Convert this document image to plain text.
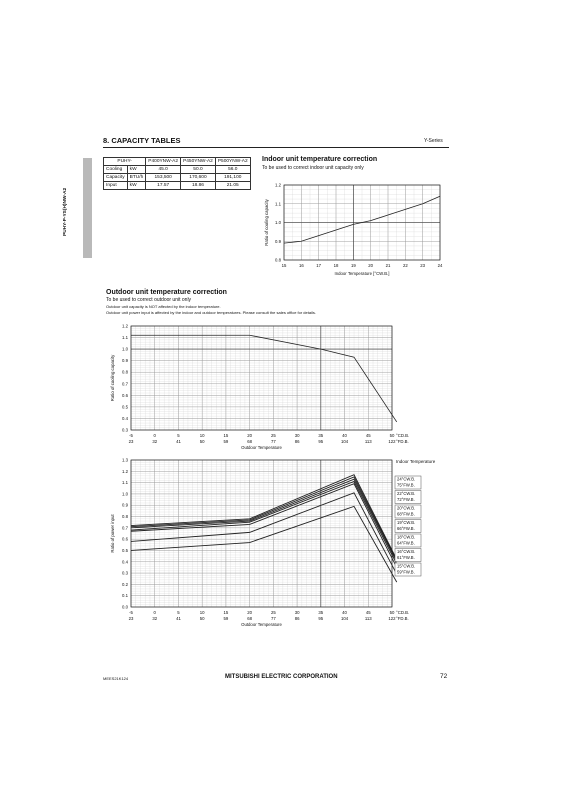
8. CAPACITY TABLES	Y-Series
PUHY-P-YS(H)NW-A2
PUHY-		P400YNW-A2	P450YNW-A2	P500YNW-A2
Cooling	kW	45.0	50.0	56.0
Capacity	BTU/h	153,500	170,600	191,100
Input	kW	17.57	18.86	21.05
Indoor unit temperature correction
To be used to correct indoor unit capacity only
0.8
0.9
1.0
1.1
1.2
15	16	17	18	19	20	21	22	23	24
Indoor Temperature [°CW.B.]
Ratio of cooling capacity
Outdoor unit temperature correction
To be used to correct outdoor unit only
Outdoor unit capacity is NOT affected by the indoor temperature.
Outdoor unit power input is affected by the indoor and outdoor temperatures. Please consult the sales office for details.
0.3
0.4
0.5
0.6
0.7
0.8
0.9
1.0
1.1
1.2
-5
23
0
32
5
41
10
50
15
59
20
68
25
77
30
86
35
95
40
104
45
113
50
122
°CD.B.
°FD.B.
Outdoor Temperature
Ratio of cooling capacity
0.0
0.1
0.2
0.3
0.4
0.5
0.6
0.7
0.8
0.9
1.0
1.1
1.2
1.3
-5
23
0
32
5
41
10
50
15
59
20
68
25
77
30
86
35
95
40
104
45
113
50
122
°CD.B.
°FD.B.
Outdoor Temperature
Ratio of power input
Indoor Temperature
24°CW.B.
75°FW.B.
22°CW.B.
72°FW.B.
20°CW.B.
68°FW.B.
19°CW.B.
66°FW.B.
18°CW.B.
64°FW.B.
16°CW.B.
61°FW.B.
15°CW.B.
59°FW.B.
MEES21K124	MITSUBISHI ELECTRIC CORPORATION	72
